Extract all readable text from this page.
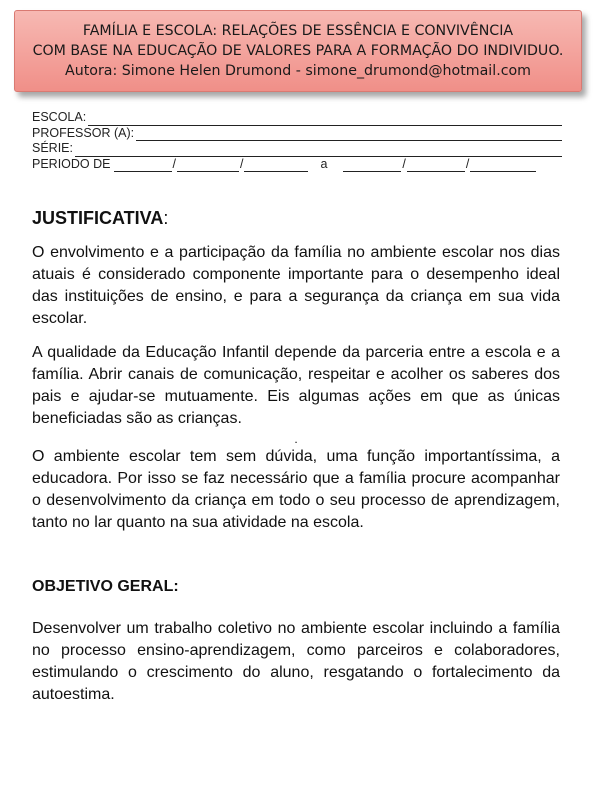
FAMÍLIA E ESCOLA: RELAÇÕES DE ESSÊNCIA E CONVIVÊNCIA
COM BASE NA EDUCAÇÃO DE VALORES PARA A FORMAÇÃO DO INDIVIDUO.
Autora: Simone Helen Drumond - simone_drumond@hotmail.com
ESCOLA:
PROFESSOR (A):
SÉRIE:
PERIODO DE	/	/	a	/	/
JUSTIFICATIVA:

O envolvimento e a participação da família no ambiente escolar nos dias atuais é considerado componente importante para o desempenho ideal das instituições de ensino, e para a segurança da criança em sua vida escolar.

A qualidade da Educação Infantil depende da parceria entre a escola e a família. Abrir canais de comunicação, respeitar e acolher os saberes dos pais e ajudar-se mutuamente. Eis algumas ações em que as únicas beneficiadas são as crianças.

.

O ambiente escolar tem sem dúvida, uma função importantíssima, a educadora. Por isso se faz necessário que a família procure acompanhar o desenvolvimento da criança em todo o seu processo de aprendizagem, tanto no lar quanto na sua atividade na escola.

OBJETIVO GERAL:

Desenvolver um trabalho coletivo no ambiente escolar incluindo a família no processo ensino-aprendizagem, como parceiros e colaboradores, estimulando o crescimento do aluno, resgatando o fortalecimento da autoestima.
